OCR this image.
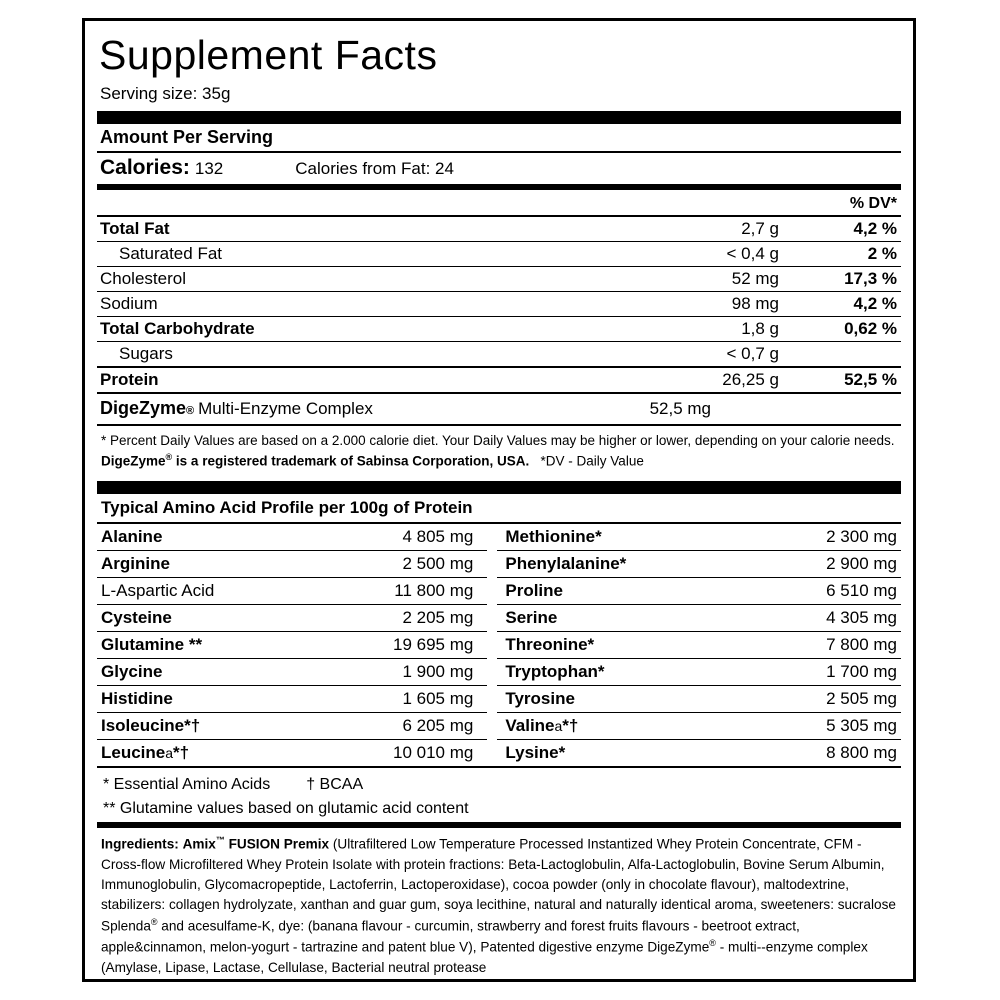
Supplement Facts
Serving size: 35g
Amount Per Serving
Calories: 132	Calories from Fat: 24
% DV*
Total Fat	2,7 g	4,2 %
Saturated Fat	< 0,4 g	2 %
Cholesterol	52 mg	17,3 %
Sodium	98 mg	4,2 %
Total Carbohydrate	1,8 g	0,62 %
Sugars	< 0,7 g
Protein	26,25 g	52,5 %
DigeZyme ® Multi-Enzyme Complex	52,5 mg
* Percent Daily Values are based on a 2.000 calorie diet. Your Daily Values may be higher or lower, depending on your calorie needs.
DigeZyme® is a registered trademark of Sabinsa Corporation, USA. *DV - Daily Value
Typical Amino Acid Profile per 100g of Protein
Alanine	4 805 mg		Methionine*	2 300 mg
Arginine	2 500 mg		Phenylalanine*	2 900 mg
L-Aspartic Acid	11 800 mg		Proline	6 510 mg
Cysteine	2 205 mg		Serine	4 305 mg
Glutamine **	19 695 mg		Threonine*	7 800 mg
Glycine	1 900 mg		Tryptophan*	1 700 mg
Histidine	1 605 mg		Tyrosine	2 505 mg
Isoleucine*†	6 205 mg		Valinea*†	5 305 mg
Leucinea*†	10 010 mg		Lysine*	8 800 mg
* Essential Amino Acids † BCAA
** Glutamine values based on glutamic acid content
Ingredients: Amix™ FUSION Premix (Ultrafiltered Low Temperature Processed Instantized Whey Protein Concentrate, CFM - Cross-flow Microfiltered Whey Protein Isolate with protein fractions: Beta-Lactoglobulin, Alfa-Lactoglobulin, Bovine Serum Albumin, Immunoglobulin, Glycomacropeptide, Lactoferrin, Lactoperoxidase), cocoa powder (only in chocolate flavour), maltodextrine, stabilizers: collagen hydrolyzate, xanthan and guar gum, soya lecithine, natural and naturally identical aroma, sweeteners: sucralose Splenda® and acesulfame-K, dye: (banana flavour - curcumin, strawberry and forest fruits flavours - beetroot extract, apple&cinnamon, melon-yogurt - tartrazine and patent blue V), Patented digestive enzyme DigeZyme® - multi--enzyme complex (Amylase, Lipase, Lactase, Cellulase, Bacterial neutral protease
